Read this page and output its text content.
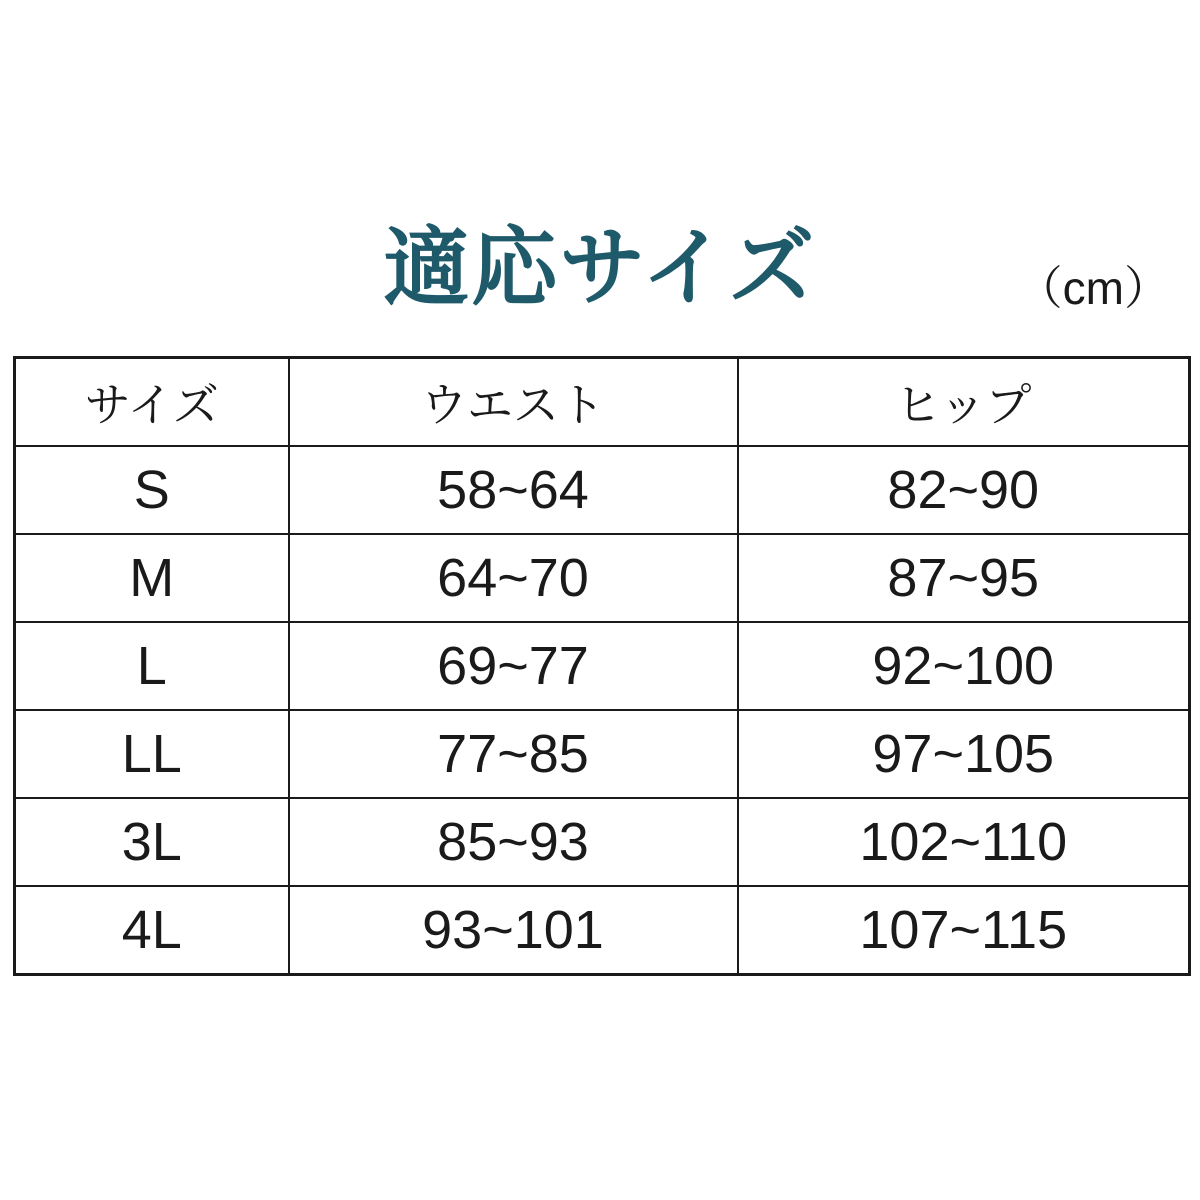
適応サイズ	（cm）
サイズ	ウエスト	ヒップ
S	58~64	82~90
M	64~70	87~95
L	69~77	92~100
LL	77~85	97~105
3L	85~93	102~110
4L	93~101	107~115
